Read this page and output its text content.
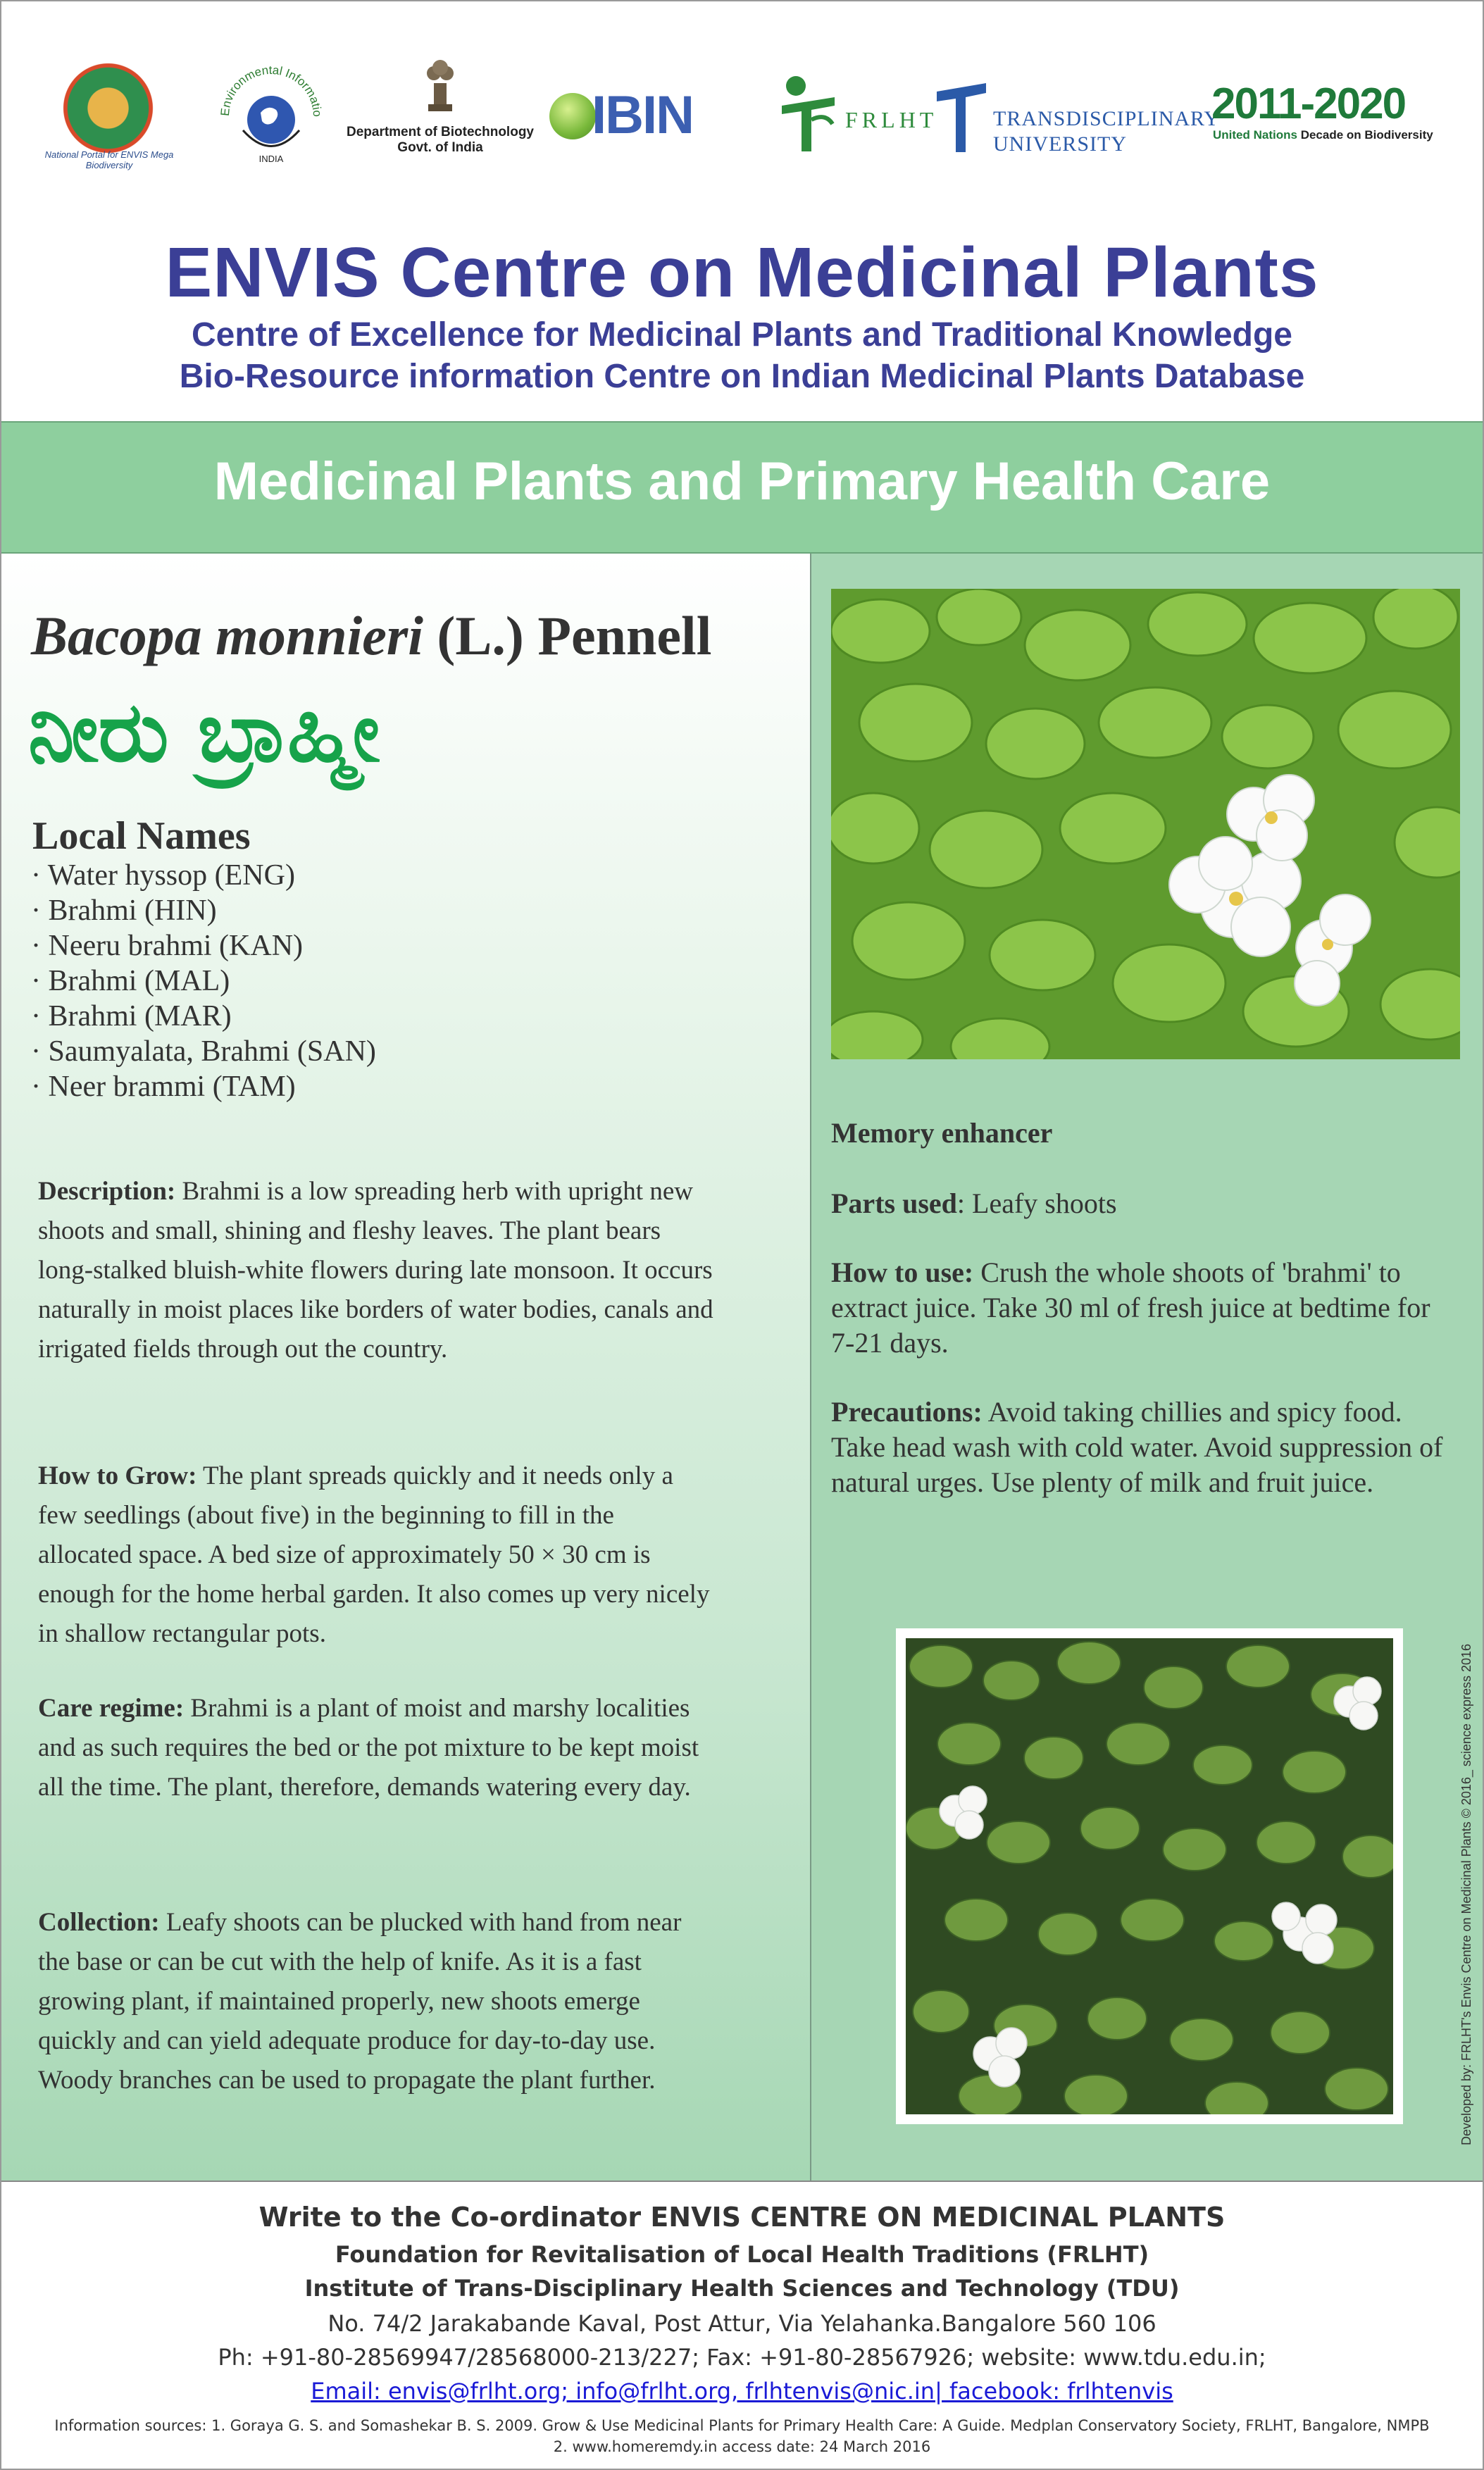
National Portal for ENVIS Mega Biodiversity
Environmental Informatio
INDIA
Department of Biotechnology
Govt. of India
IBIN	FRLHT	TRANSDISCIPLINARY
UNIVERSITY
2011-2020
United Nations Decade on Biodiversity
ENVIS Centre on Medicinal Plants
Centre of Excellence for Medicinal Plants and Traditional Knowledge
Bio-Resource information Centre on Indian Medicinal Plants Database
Medicinal Plants and Primary Health Care
Bacopa monnieri (L.) Pennell
ನೀರು ಬ್ರಾಹ್ಮೀ
Local Names
· Water hyssop (ENG)
· Brahmi (HIN)
· Neeru brahmi (KAN)
· Brahmi (MAL)
· Brahmi (MAR)
· Saumyalata, Brahmi (SAN)
· Neer brammi (TAM)
Description: Brahmi is a low spreading herb with upright new shoots and small, shining and fleshy leaves. The plant bears long-stalked bluish-white flowers during late monsoon. It occurs naturally in moist places like borders of water bodies, canals and irrigated fields through out the country.
How to Grow: The plant spreads quickly and it needs only a few seedlings (about five) in the beginning to fill in the allocated space. A bed size of approximately 50 × 30 cm is enough for the home herbal garden. It also comes up very nicely in shallow rectangular pots.
Care regime: Brahmi is a plant of moist and marshy localities and as such requires the bed or the pot mixture to be kept moist all the time. The plant, therefore, demands watering every day.
Collection: Leafy shoots can be plucked with hand from near the base or can be cut with the help of knife. As it is a fast growing plant, if maintained properly, new shoots emerge quickly and can yield adequate produce for day-to-day use. Woody branches can be used to propagate the plant further.
Memory enhancer
Parts used: Leafy shoots
How to use: Crush the whole shoots of 'brahmi' to extract juice. Take 30 ml of fresh juice at bedtime for 7-21 days.
Precautions: Avoid taking chillies and spicy food. Take head wash with cold water. Avoid suppression of natural urges. Use plenty of milk and fruit juice.
Developed by: FRLHT's Envis Centre on Medicinal Plants © 2016_ science express 2016
Write to the Co-ordinator ENVIS CENTRE ON MEDICINAL PLANTS
Foundation for Revitalisation of Local Health Traditions (FRLHT)
Institute of Trans-Disciplinary Health Sciences and Technology (TDU)
No. 74/2 Jarakabande Kaval, Post Attur, Via Yelahanka.Bangalore 560 106
Ph: +91-80-28569947/28568000-213/227; Fax: +91-80-28567926; website: www.tdu.edu.in;
Email: envis@frlht.org; info@frlht.org, frlhtenvis@nic.in| facebook: frlhtenvis
Information sources: 1. Goraya G. S. and Somashekar B. S. 2009. Grow & Use Medicinal Plants for Primary Health Care: A Guide. Medplan Conservatory Society, FRLHT, Bangalore, NMPB
2. www.homeremdy.in access date: 24 March 2016
